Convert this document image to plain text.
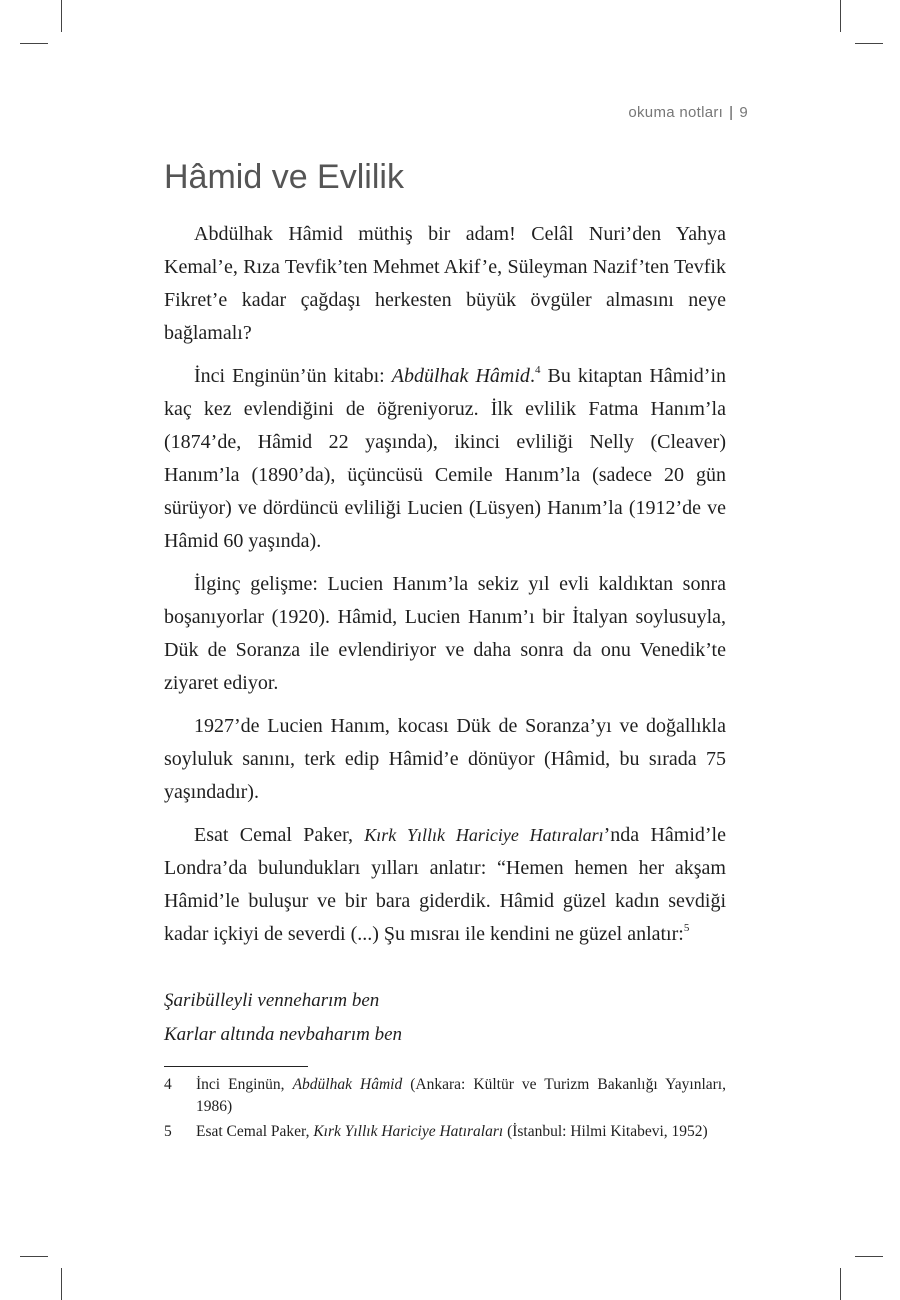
okuma notları | 9
Hâmid ve Evlilik

Abdülhak Hâmid müthiş bir adam! Celâl Nuri’den Yahya Kemal’e, Rıza Tevfik’ten Mehmet Akif’e, Süleyman Nazif’ten Tevfik Fikret’e kadar çağdaşı herkesten büyük övgüler almasını neye bağlamalı?

İnci Enginün’ün kitabı: Abdülhak Hâmid.$^4$ Bu kitaptan Hâmid’in kaç kez evlendiğini de öğreniyoruz. İlk evlilik Fatma Hanım’la (1874’de, Hâmid 22 yaşında), ikinci evliliği Nelly (Cleaver) Hanım’la (1890’da), üçüncüsü Cemile Hanım’la (sadece 20 gün sürüyor) ve dördüncü evliliği Lucien (Lüsyen) Hanım’la (1912’de ve Hâmid 60 yaşında).

İlginç gelişme: Lucien Hanım’la sekiz yıl evli kaldıktan sonra boşanıyorlar (1920). Hâmid, Lucien Hanım’ı bir İtalyan soylusuyla, Dük de Soranza ile evlendiriyor ve daha sonra da onu Venedik’te ziyaret ediyor.

1927’de Lucien Hanım, kocası Dük de Soranza’yı ve doğallıkla soyluluk sanını, terk edip Hâmid’e dönüyor (Hâmid, bu sırada 75 yaşındadır).

Esat Cemal Paker, Kırk Yıllık Hariciye Hatıraları’nda Hâmid’le Londra’da bulundukları yılları anlatır: “Hemen hemen her akşam Hâmid’le buluşur ve bir bara giderdik. Hâmid güzel kadın sevdiği kadar içkiyi de severdi (...) Şu mısraı ile kendini ne güzel anlatır:$^5$

Şaribülleyli venneharım ben
Karlar altında nevbaharım ben
4	İnci Enginün, Abdülhak Hâmid (Ankara: Kültür ve Turizm Bakanlığı Yayınları, 1986)
5	Esat Cemal Paker, Kırk Yıllık Hariciye Hatıraları (İstanbul: Hilmi Kitabevi, 1952)
